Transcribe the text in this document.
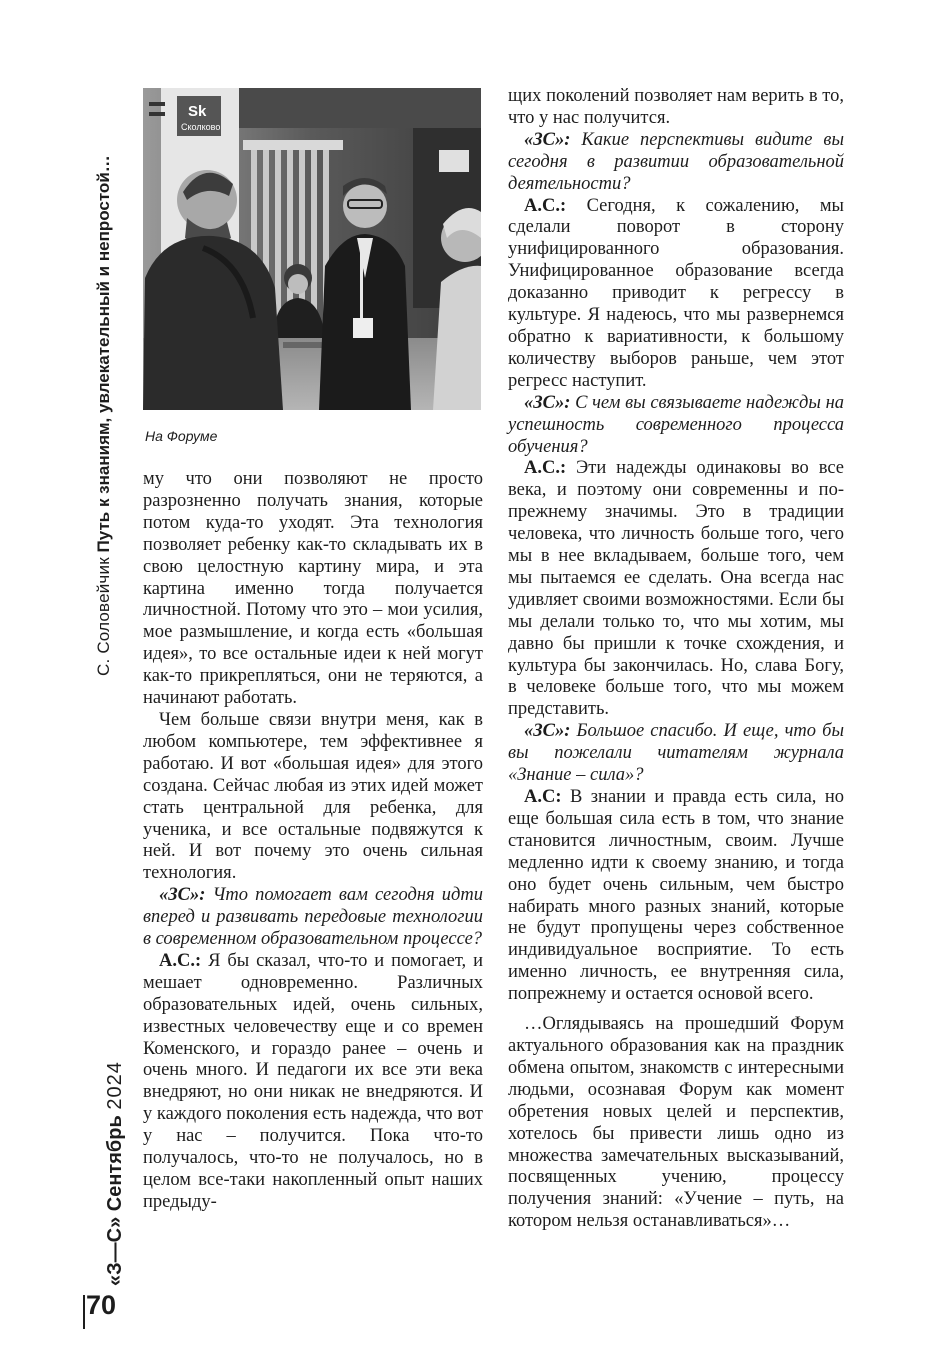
С. Соловейчик Путь к знаниям, увлекательный и непростой…
«З—С» Сентябрь 2024
70
Sk
Сколково
На Форуме

му что они позволяют не просто разрозненно получать знания, которые потом куда-то уходят. Эта технология позволяет ребенку как-то складывать их в свою целостную картину мира, и эта картина именно тогда получается личностной. Потому что это – мои усилия, мое размышление, и когда есть «большая идея», то все остальные идеи к ней могут как-то прикрепляться, они не теряются, а начинают работать.

Чем больше связи внутри меня, как в любом компьютере, тем эффективнее я работаю. И вот «большая идея» для этого создана. Сейчас любая из этих идей может стать центральной для ребенка, для ученика, и все остальные подвяжутся к ней. И вот почему это очень сильная технология.

«ЗС»: Что помогает вам сегодня идти вперед и развивать передовые технологии в современном образовательном процессе?

А.С.: Я бы сказал, что-то и помогает, и мешает одновременно. Различных образовательных идей, очень сильных, известных человечеству еще и со времен Коменского, и гораздо ранее – очень и очень много. И педагоги их все эти века внедряют, но они никак не внедряются. И у каждого поколения есть надежда, что вот у нас – получится. Пока что-то получалось, что-то не получалось, но в целом все-таки накопленный опыт наших предыду-

щих поколений позволяет нам верить в то, что у нас получится.

«ЗС»: Какие перспективы видите вы сегодня в развитии образовательной деятельности?

А.С.: Сегодня, к сожалению, мы сделали поворот в сторону унифицированного образования. Унифицированное образование всегда доказанно приводит к регрессу в культуре. Я надеюсь, что мы развернемся обратно к вариативности, к большому количеству выборов раньше, чем этот регресс наступит.

«ЗС»: С чем вы связываете надежды на успешность современного процесса обучения?

А.С.: Эти надежды одинаковы во все века, и поэтому они современны и по-прежнему значимы. Это в традиции человека, что личность больше того, чего мы в нее вкладываем, больше того, чем мы пытаемся ее сделать. Она всегда нас удивляет своими возможностями. Если бы мы делали только то, что мы хотим, мы давно бы пришли к точке схождения, и культура бы закончилась. Но, слава Богу, в человеке больше того, что мы можем представить.

«ЗС»: Большое спасибо. И еще, что бы вы пожелали читателям журнала «Знание – сила»?

А.С: В знании и правда есть сила, но еще большая сила есть в том, что знание становится личностным, своим. Лучше медленно идти к своему знанию, и тогда оно будет очень сильным, чем быстро набирать много разных знаний, которые не будут пропущены через собственное индивидуальное восприятие. То есть именно личность, ее внутренняя сила, попрежнему и остается основой всего.

…Оглядываясь на прошедший Форум актуального образования как на праздник обмена опытом, знакомств с интересными людьми, осознавая Форум как момент обретения новых целей и перспектив, хотелось бы привести лишь одно из множества замечательных высказываний, посвященных учению, процессу получения знаний: «Учение – путь, на котором нельзя останавливаться»…
